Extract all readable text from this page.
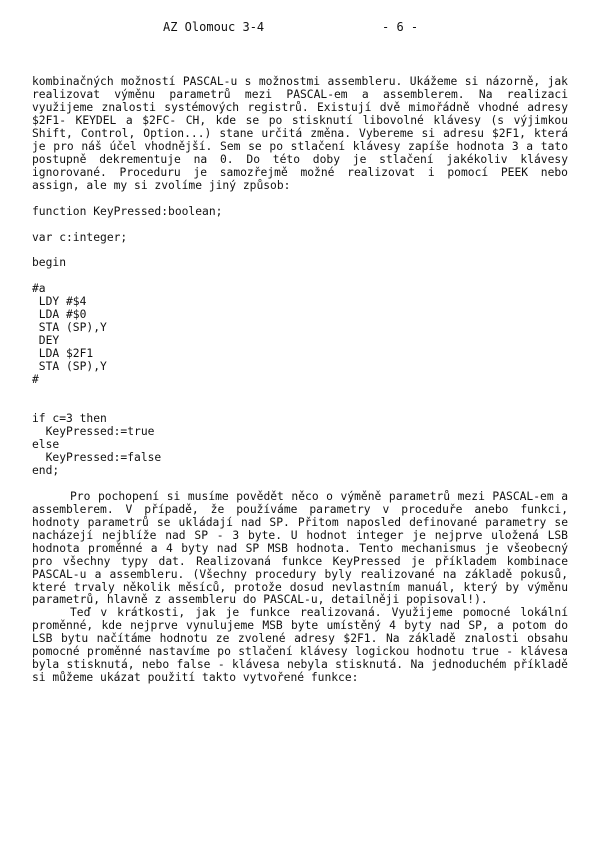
AZ Olomouc 3-4	- 6 -

kombinačných možností PASCAL-u s možnostmi assembleru. Ukážeme si názorně, jak realizovat výměnu parametrů mezi PASCAL-em a assemblerem. Na realizaci využijeme znalosti systémových registrů. Existují dvě mimořádně vhodné adresy $2F1- KEYDEL a $2FC- CH, kde se po stisknutí libovolné klávesy (s výjimkou Shift, Control, Option...) stane určitá změna. Vybereme si adresu $2F1, která je pro náš účel vhodnější. Sem se po stlačení klávesy zapíše hodnota 3 a tato postupně dekrementuje na 0. Do této doby je stlačení jakékoliv klávesy ignorované. Proceduru je samozřejmě možné realizovat i pomocí PEEK nebo assign, ale my si zvolíme jiný způsob:

function KeyPressed:boolean;
var c:integer;
begin
#a
LDY #$4
LDA #$0
STA (SP),Y
DEY
LDA $2F1
STA (SP),Y
#
if c=3 then
KeyPressed:=true
else
KeyPressed:=false
end;

Pro pochopení si musíme povědět něco o výměně parametrů mezi PASCAL-em a assemblerem. V případě, že používáme parametry v proceduře anebo funkci, hodnoty parametrů se ukládají nad SP. Přitom naposled definované parametry se nacházejí nejblíže nad SP - 3 byte. U hodnot integer je nejprve uložená LSB hodnota proměnné a 4 byty nad SP MSB hodnota. Tento mechanismus je všeobecný pro všechny typy dat. Realizovaná funkce KeyPressed je příkladem kombinace PASCAL-u a assembleru. (Všechny procedury byly realizované na základě pokusů, které trvaly několik měsíců, protože dosud nevlastním manuál, který by výměnu parametrů, hlavně z assembleru do PASCAL-u, detailněji popisoval!).

Teď v krátkosti, jak je funkce realizovaná. Využijeme pomocné lokální proměnné, kde nejprve vynulujeme MSB byte umístěný 4 byty nad SP, a potom do LSB bytu načítáme hodnotu ze zvolené adresy $2F1. Na základě znalosti obsahu pomocné proměnné nastavíme po stlačení klávesy logickou hodnotu true - klávesa byla stisknutá, nebo false - klávesa nebyla stisknutá. Na jednoduchém příkladě si můžeme ukázat použití takto vytvořené funkce:
